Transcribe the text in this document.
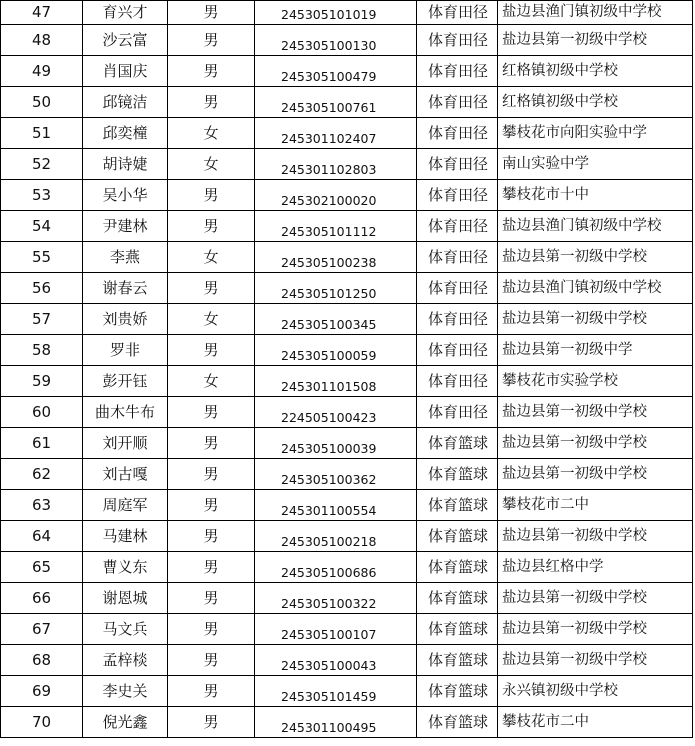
47	育兴才	男	245305101019	体育田径	盐边县渔门镇初级中学校
48	沙云富	男	245305100130	体育田径	盐边县第一初级中学校
49	肖国庆	男	245305100479	体育田径	红格镇初级中学校
50	邱镜洁	男	245305100761	体育田径	红格镇初级中学校
51	邱奕橦	女	245301102407	体育田径	攀枝花市向阳实验中学
52	胡诗婕	女	245301102803	体育田径	南山实验中学
53	吴小华	男	245302100020	体育田径	攀枝花市十中
54	尹建林	男	245305101112	体育田径	盐边县渔门镇初级中学校
55	李燕	女	245305100238	体育田径	盐边县第一初级中学校
56	谢春云	男	245305101250	体育田径	盐边县渔门镇初级中学校
57	刘贵娇	女	245305100345	体育田径	盐边县第一初级中学校
58	罗非	男	245305100059	体育田径	盐边县第一初级中学
59	彭开钰	女	245301101508	体育田径	攀枝花市实验学校
60	曲木牛布	男	224505100423	体育田径	盐边县第一初级中学校
61	刘开顺	男	245305100039	体育篮球	盐边县第一初级中学校
62	刘古嘎	男	245305100362	体育篮球	盐边县第一初级中学校
63	周庭军	男	245301100554	体育篮球	攀枝花市二中
64	马建林	男	245305100218	体育篮球	盐边县第一初级中学校
65	曹义东	男	245305100686	体育篮球	盐边县红格中学
66	谢恩城	男	245305100322	体育篮球	盐边县第一初级中学校
67	马文兵	男	245305100107	体育篮球	盐边县第一初级中学校
68	孟梓棪	男	245305100043	体育篮球	盐边县第一初级中学校
69	李史关	男	245305101459	体育篮球	永兴镇初级中学校
70	倪光鑫	男	245301100495	体育篮球	攀枝花市二中
